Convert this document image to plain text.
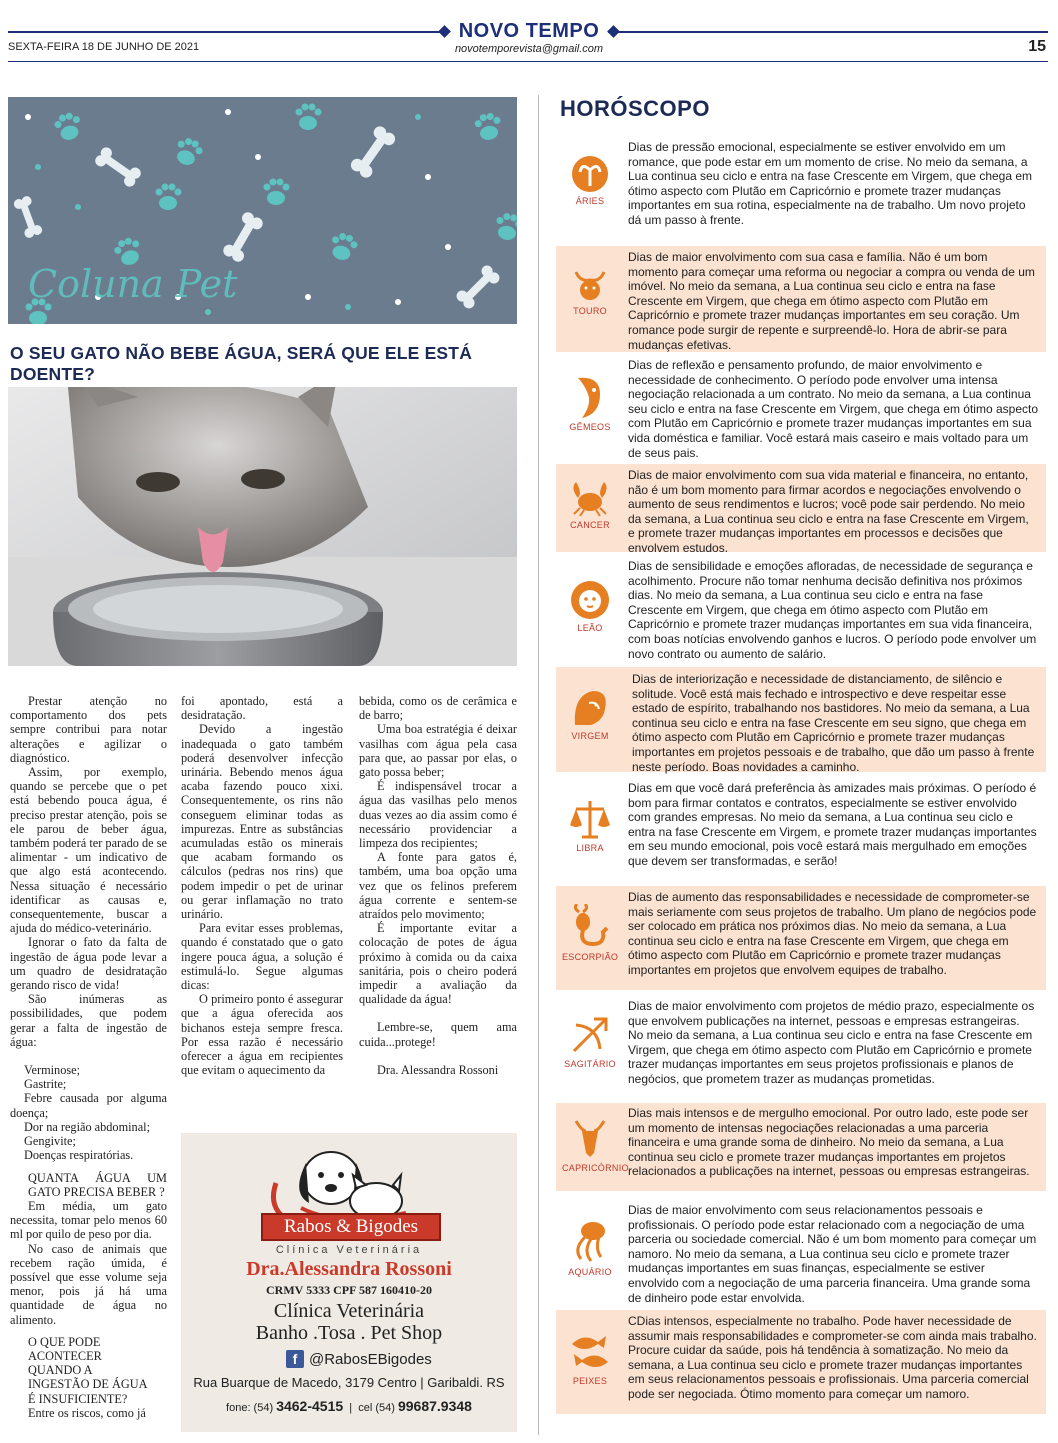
NOVO TEMPO
SEXTA-FEIRA 18 DE JUNHO DE 2021	novotemporevista@gmail.com	15
Coluna Pet
O SEU GATO NÃO BEBE ÁGUA, SERÁ QUE ELE ESTÁ DOENTE?

Prestar atenção no comportamento dos pets sempre contribui para notar alterações e agilizar o diagnóstico.

Assim, por exemplo, quando se percebe que o pet está bebendo pouca água, é preciso prestar atenção, pois se ele parou de beber água, também poderá ter parado de se alimentar - um indicativo de que algo está acontecendo. Nessa situação é necessário identificar as causas e, consequentemente, buscar a ajuda do médico-veterinário.

Ignorar o fato da falta de ingestão de água pode levar a um quadro de desidratação gerando risco de vida!

São inúmeras as possibilidades, que podem gerar a falta de ingestão de água:

Verminose;

Gastrite;

Febre causada por alguma doença;

Dor na região abdominal;

Gengivite;

Doenças respiratórias.

QUANTA ÁGUA UM GATO PRECISA BEBER ?

Em média, um gato necessita, tomar pelo menos 60 ml por quilo de peso por dia.

No caso de animais que recebem ração úmida, é possível que esse volume seja menor, pois já há uma quantidade de água no alimento.

O QUE PODE ACONTECER QUANDO A INGESTÃO DE ÁGUA É INSUFICIENTE?

Entre os riscos, como já

foi apontado, está a desidratação.

Devido a ingestão inadequada o gato também poderá desenvolver infecção urinária. Bebendo menos água acaba fazendo pouco xixi. Consequentemente, os rins não conseguem eliminar todas as impurezas. Entre as substâncias acumuladas estão os minerais que acabam formando os cálculos (pedras nos rins) que podem impedir o pet de urinar ou gerar inflamação no trato urinário.

Para evitar esses problemas, quando é constatado que o gato ingere pouca água, a solução é estimulá-lo. Segue algumas dicas:

O primeiro ponto é assegurar que a água oferecida aos bichanos esteja sempre fresca. Por essa razão é necessário oferecer a água em recipientes que evitam o aquecimento da

bebida, como os de cerâmica e de barro;

Uma boa estratégia é deixar vasilhas com água pela casa para que, ao passar por elas, o gato possa beber;

É indispensável trocar a água das vasilhas pelo menos duas vezes ao dia assim como é necessário providenciar a limpeza dos recipientes;

A fonte para gatos é, também, uma boa opção uma vez que os felinos preferem água corrente e sentem-se atraídos pelo movimento;

É importante evitar a colocação de potes de água próximo à comida ou da caixa sanitária, pois o cheiro poderá impedir a avaliação da qualidade da água!

Lembre-se, quem ama cuida...protege!

Dra. Alessandra Rossoni

Rabos & Bigodes
Clínica Veterinária
Dra.Alessandra Rossoni
CRMV 5333 CPF 587 160410-20
Clínica Veterinária
Banho .Tosa . Pet Shop
f @RabosEBigodes
Rua Buarque de Macedo, 3179 Centro | Garibaldi. RS
fone: (54) 3462-4515  |  cel (54) 99687.9348
HORÓSCOPO
ÁRIES
Dias de pressão emocional, especialmente se estiver envolvido em um romance, que pode estar em um momento de crise. No meio da semana, a Lua continua seu ciclo e entra na fase Crescente em Virgem, que chega em ótimo aspecto com Plutão em Capricórnio e promete trazer mudanças importantes em sua rotina, especialmente na de trabalho. Um novo projeto dá um passo à frente.
TOURO
Dias de maior envolvimento com sua casa e família. Não é um bom momento para começar uma reforma ou negociar a compra ou venda de um imóvel. No meio da semana, a Lua continua seu ciclo e entra na fase Crescente em Virgem, que chega em ótimo aspecto com Plutão em Capricórnio e promete trazer mudanças importantes em seu coração. Um romance pode surgir de repente e surpreendê-lo. Hora de abrir-se para mudanças efetivas.
GÊMEOS
Dias de reflexão e pensamento profundo, de maior envolvimento e necessidade de conhecimento. O período pode envolver uma intensa negociação relacionada a um contrato. No meio da semana, a Lua continua seu ciclo e entra na fase Crescente em Virgem, que chega em ótimo aspecto com Plutão em Capricórnio e promete trazer mudanças importantes em sua vida doméstica e familiar. Você estará mais caseiro e mais voltado para um de seus pais.
CANCER
Dias de maior envolvimento com sua vida material e financeira, no entanto, não é um bom momento para firmar acordos e negociações envolvendo o aumento de seus rendimentos e lucros; você pode sair perdendo. No meio da semana, a Lua continua seu ciclo e entra na fase Crescente em Virgem, e promete trazer mudanças importantes em processos e decisões que envolvem estudos.
LEÃO
Dias de sensibilidade e emoções afloradas, de necessidade de segurança e acolhimento. Procure não tomar nenhuma decisão definitiva nos próximos dias. No meio da semana, a Lua continua seu ciclo e entra na fase Crescente em Virgem, que chega em ótimo aspecto com Plutão em Capricórnio e promete trazer mudanças importantes em sua vida financeira, com boas notícias envolvendo ganhos e lucros. O período pode envolver um novo contrato ou aumento de salário.
VIRGEM
Dias de interiorização e necessidade de distanciamento, de silêncio e solitude. Você está mais fechado e introspectivo e deve respeitar esse estado de espírito, trabalhando nos bastidores. No meio da semana, a Lua continua seu ciclo e entra na fase Crescente em seu signo, que chega em ótimo aspecto com Plutão em Capricórnio e promete trazer mudanças importantes em projetos pessoais e de trabalho, que dão um passo à frente neste período. Boas novidades a caminho.
LIBRA
Dias em que você dará preferência às amizades mais próximas. O período é bom para firmar contatos e contratos, especialmente se estiver envolvido com grandes empresas. No meio da semana, a Lua continua seu ciclo e entra na fase Crescente em Virgem, e promete trazer mudanças importantes em seu mundo emocional, pois você estará mais mergulhado em emoções que devem ser transformadas, e serão!
ESCORPIÃO
Dias de aumento das responsabilidades e necessidade de comprometer-se mais seriamente com seus projetos de trabalho. Um plano de negócios pode ser colocado em prática nos próximos dias. No meio da semana, a Lua continua seu ciclo e entra na fase Crescente em Virgem, que chega em ótimo aspecto com Plutão em Capricórnio e promete trazer mudanças importantes em projetos que envolvem equipes de trabalho.
SAGITÁRIO
Dias de maior envolvimento com projetos de médio prazo, especialmente os que envolvem publicações na internet, pessoas e empresas estrangeiras. No meio da semana, a Lua continua seu ciclo e entra na fase Crescente em Virgem, que chega em ótimo aspecto com Plutão em Capricórnio e promete trazer mudanças importantes em seus projetos profissionais e planos de negócios, que prometem trazer as mudanças prometidas.
CAPRICÓRNIO
Dias mais intensos e de mergulho emocional. Por outro lado, este pode ser um momento de intensas negociações relacionadas a uma parceria financeira e uma grande soma de dinheiro. No meio da semana, a Lua continua seu ciclo e promete trazer mudanças importantes em projetos relacionados a publicações na internet, pessoas ou empresas estrangeiras.
AQUÁRIO
Dias de maior envolvimento com seus relacionamentos pessoais e profissionais. O período pode estar relacionado com a negociação de uma parceria ou sociedade comercial. Não é um bom momento para começar um namoro. No meio da semana, a Lua continua seu ciclo e promete trazer mudanças importantes em suas finanças, especialmente se estiver envolvido com a negociação de uma parceria financeira. Uma grande soma de dinheiro pode estar envolvida.
PEIXES
CDias intensos, especialmente no trabalho. Pode haver necessidade de assumir mais responsabilidades e comprometer-se com ainda mais trabalho. Procure cuidar da saúde, pois há tendência à somatização. No meio da semana, a Lua continua seu ciclo e promete trazer mudanças importantes em seus relacionamentos pessoais e profissionais. Uma parceria comercial pode ser negociada. Ótimo momento para começar um namoro.
